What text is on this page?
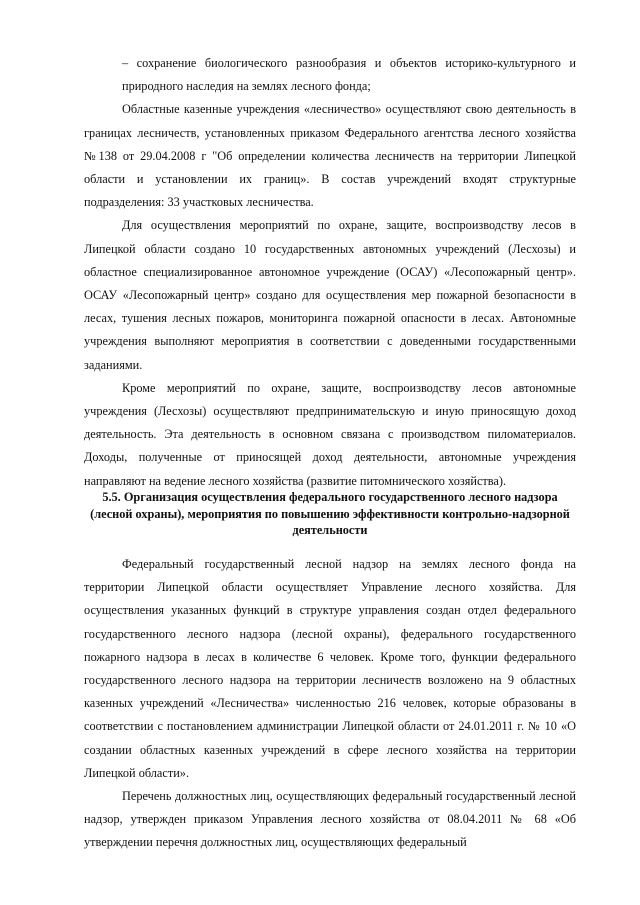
– сохранение биологического разнообразия и объектов историко-культурного и природного наследия на землях лесного фонда;

Областные казенные учреждения «лесничество» осуществляют свою деятельность в границах лесничеств, установленных приказом Федерального агентства лесного хозяйства №138 от 29.04.2008 г "Об определении количества лесничеств на территории Липецкой области и установлении их границ». В состав учреждений входят структурные подразделения: 33 участковых лесничества.

Для осуществления мероприятий по охране, защите, воспроизводству лесов в Липецкой области создано 10 государственных автономных учреждений (Лесхозы) и областное специализированное автономное учреждение (ОСАУ) «Лесопожарный центр». ОСАУ «Лесопожарный центр» создано для осуществления мер пожарной безопасности в лесах, тушения лесных пожаров, мониторинга пожарной опасности в лесах. Автономные учреждения выполняют мероприятия в соответствии с доведенными государственными заданиями.

Кроме мероприятий по охране, защите, воспроизводству лесов автономные учреждения (Лесхозы) осуществляют предпринимательскую и иную приносящую доход деятельность. Эта деятельность в основном связана с производством пиломатериалов. Доходы, полученные от приносящей доход деятельности, автономные учреждения направляют на ведение лесного хозяйства (развитие питомнического хозяйства).

5.5. Организация осуществления федерального государственного лесного надзора (лесной охраны), мероприятия по повышению эффективности контрольно-надзорной деятельности

Федеральный государственный лесной надзор на землях лесного фонда на территории Липецкой области осуществляет Управление лесного хозяйства. Для осуществления указанных функций в структуре управления создан отдел федерального государственного лесного надзора (лесной охраны), федерального государственного пожарного надзора в лесах в количестве 6 человек. Кроме того, функции федерального государственного лесного надзора на территории лесничеств возложено на 9 областных казенных учреждений «Лесничества» численностью 216 человек, которые образованы в соответствии с постановлением администрации Липецкой области от 24.01.2011 г. № 10 «О создании областных казенных учреждений в сфере лесного хозяйства на территории Липецкой области».

Перечень должностных лиц, осуществляющих федеральный государственный лесной надзор, утвержден приказом Управления лесного хозяйства от 08.04.2011 № 68 «Об утверждении перечня должностных лиц, осуществляющих федеральный
